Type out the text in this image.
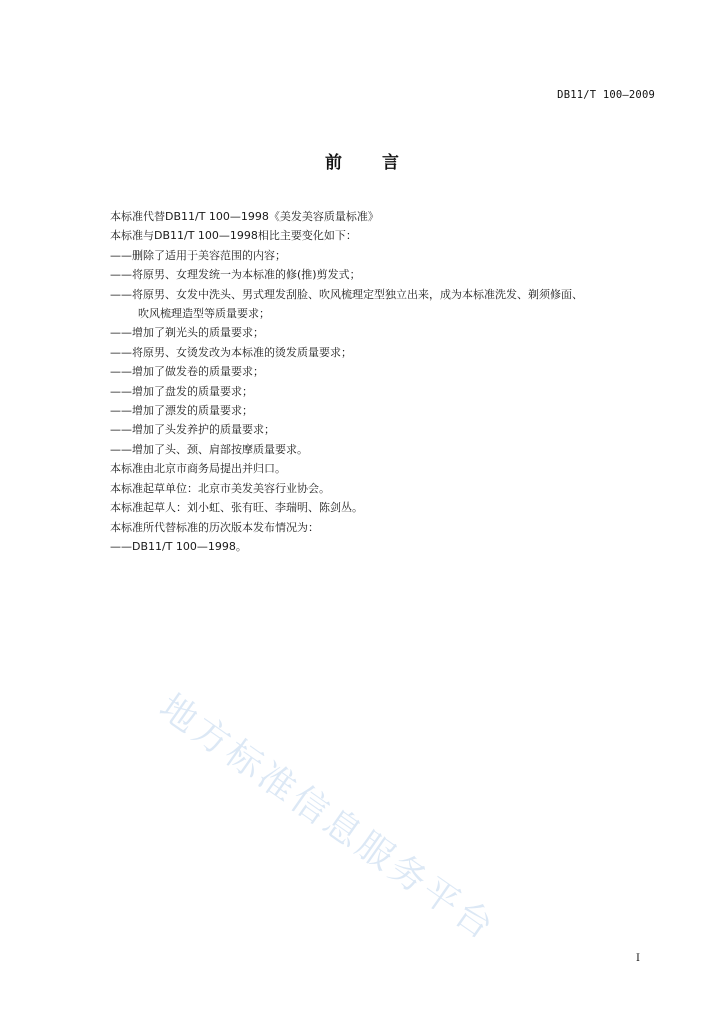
DB11/T 100—2009
前 言
本标准代替DB11/T 100—1998《美发美容质量标准》
本标准与DB11/T 100—1998相比主要变化如下：
——删除了适用于美容范围的内容；
——将原男、女理发统一为本标准的修(推)剪发式；
——将原男、女发中洗头、男式理发刮脸、吹风梳理定型独立出来，成为本标准洗发、剃须修面、
吹风梳理造型等质量要求；
——增加了剃光头的质量要求；
——将原男、女烫发改为本标准的烫发质量要求；
——增加了做发卷的质量要求；
——增加了盘发的质量要求；
——增加了漂发的质量要求；
——增加了头发养护的质量要求；
——增加了头、颈、肩部按摩质量要求。
本标准由北京市商务局提出并归口。
本标准起草单位：北京市美发美容行业协会。
本标准起草人：刘小虹、张有旺、李瑞明、陈剑丛。
本标准所代替标准的历次版本发布情况为：
——DB11/T 100—1998。
地方标准信息服务平台
I
